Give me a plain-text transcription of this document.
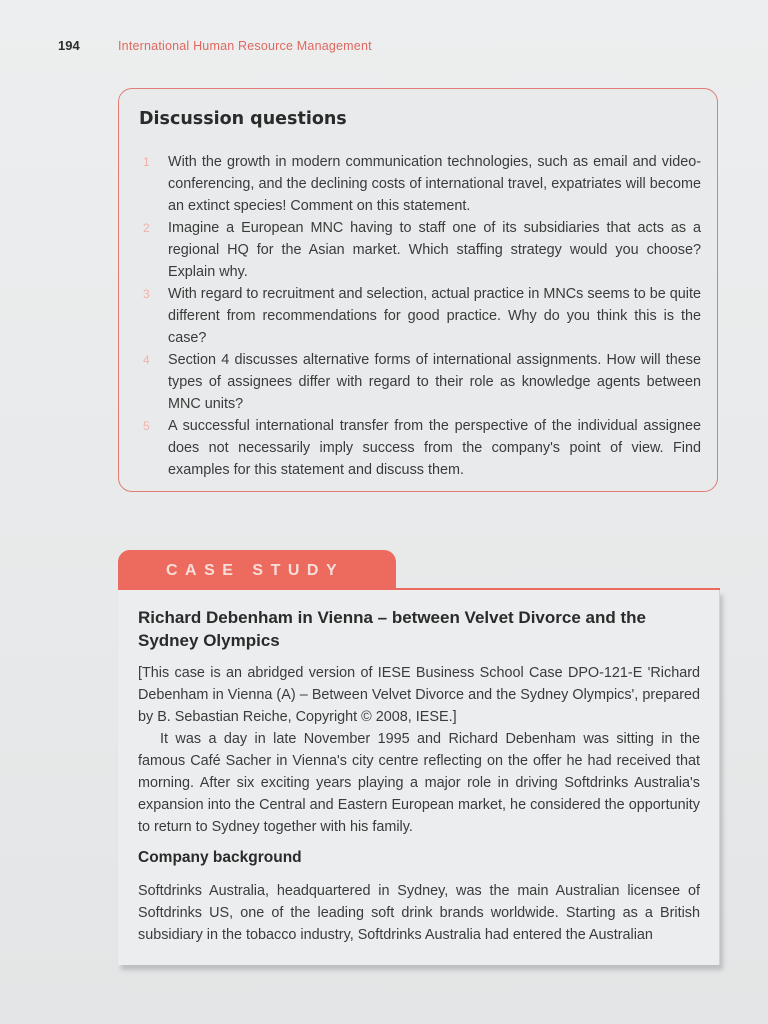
194	International Human Resource Management
Discussion questions
1	With the growth in modern communication technologies, such as email and video-conferencing, and the declining costs of international travel, expatriates will become an extinct species! Comment on this statement.
2	Imagine a European MNC having to staff one of its subsidiaries that acts as a regional HQ for the Asian market. Which staffing strategy would you choose? Explain why.
3	With regard to recruitment and selection, actual practice in MNCs seems to be quite different from recommendations for good practice. Why do you think this is the case?
4	Section 4 discusses alternative forms of international assignments. How will these types of assignees differ with regard to their role as knowledge agents between MNC units?
5	A successful international transfer from the perspective of the individual assignee does not necessarily imply success from the company's point of view. Find examples for this statement and discuss them.
CASE STUDY
Richard Debenham in Vienna – between Velvet Divorce and the Sydney Olympics

[This case is an abridged version of IESE Business School Case DPO-121-E 'Richard Debenham in Vienna (A) – Between Velvet Divorce and the Sydney Olympics', prepared by B. Sebastian Reiche, Copyright © 2008, IESE.]

It was a day in late November 1995 and Richard Debenham was sitting in the famous Café Sacher in Vienna's city centre reflecting on the offer he had received that morning. After six exciting years playing a major role in driving Softdrinks Australia's expansion into the Central and Eastern European market, he considered the opportunity to return to Sydney together with his family.

Company background

Softdrinks Australia, headquartered in Sydney, was the main Australian licensee of Softdrinks US, one of the leading soft drink brands worldwide. Starting as a British subsidiary in the tobacco industry, Softdrinks Australia had entered the Australian
